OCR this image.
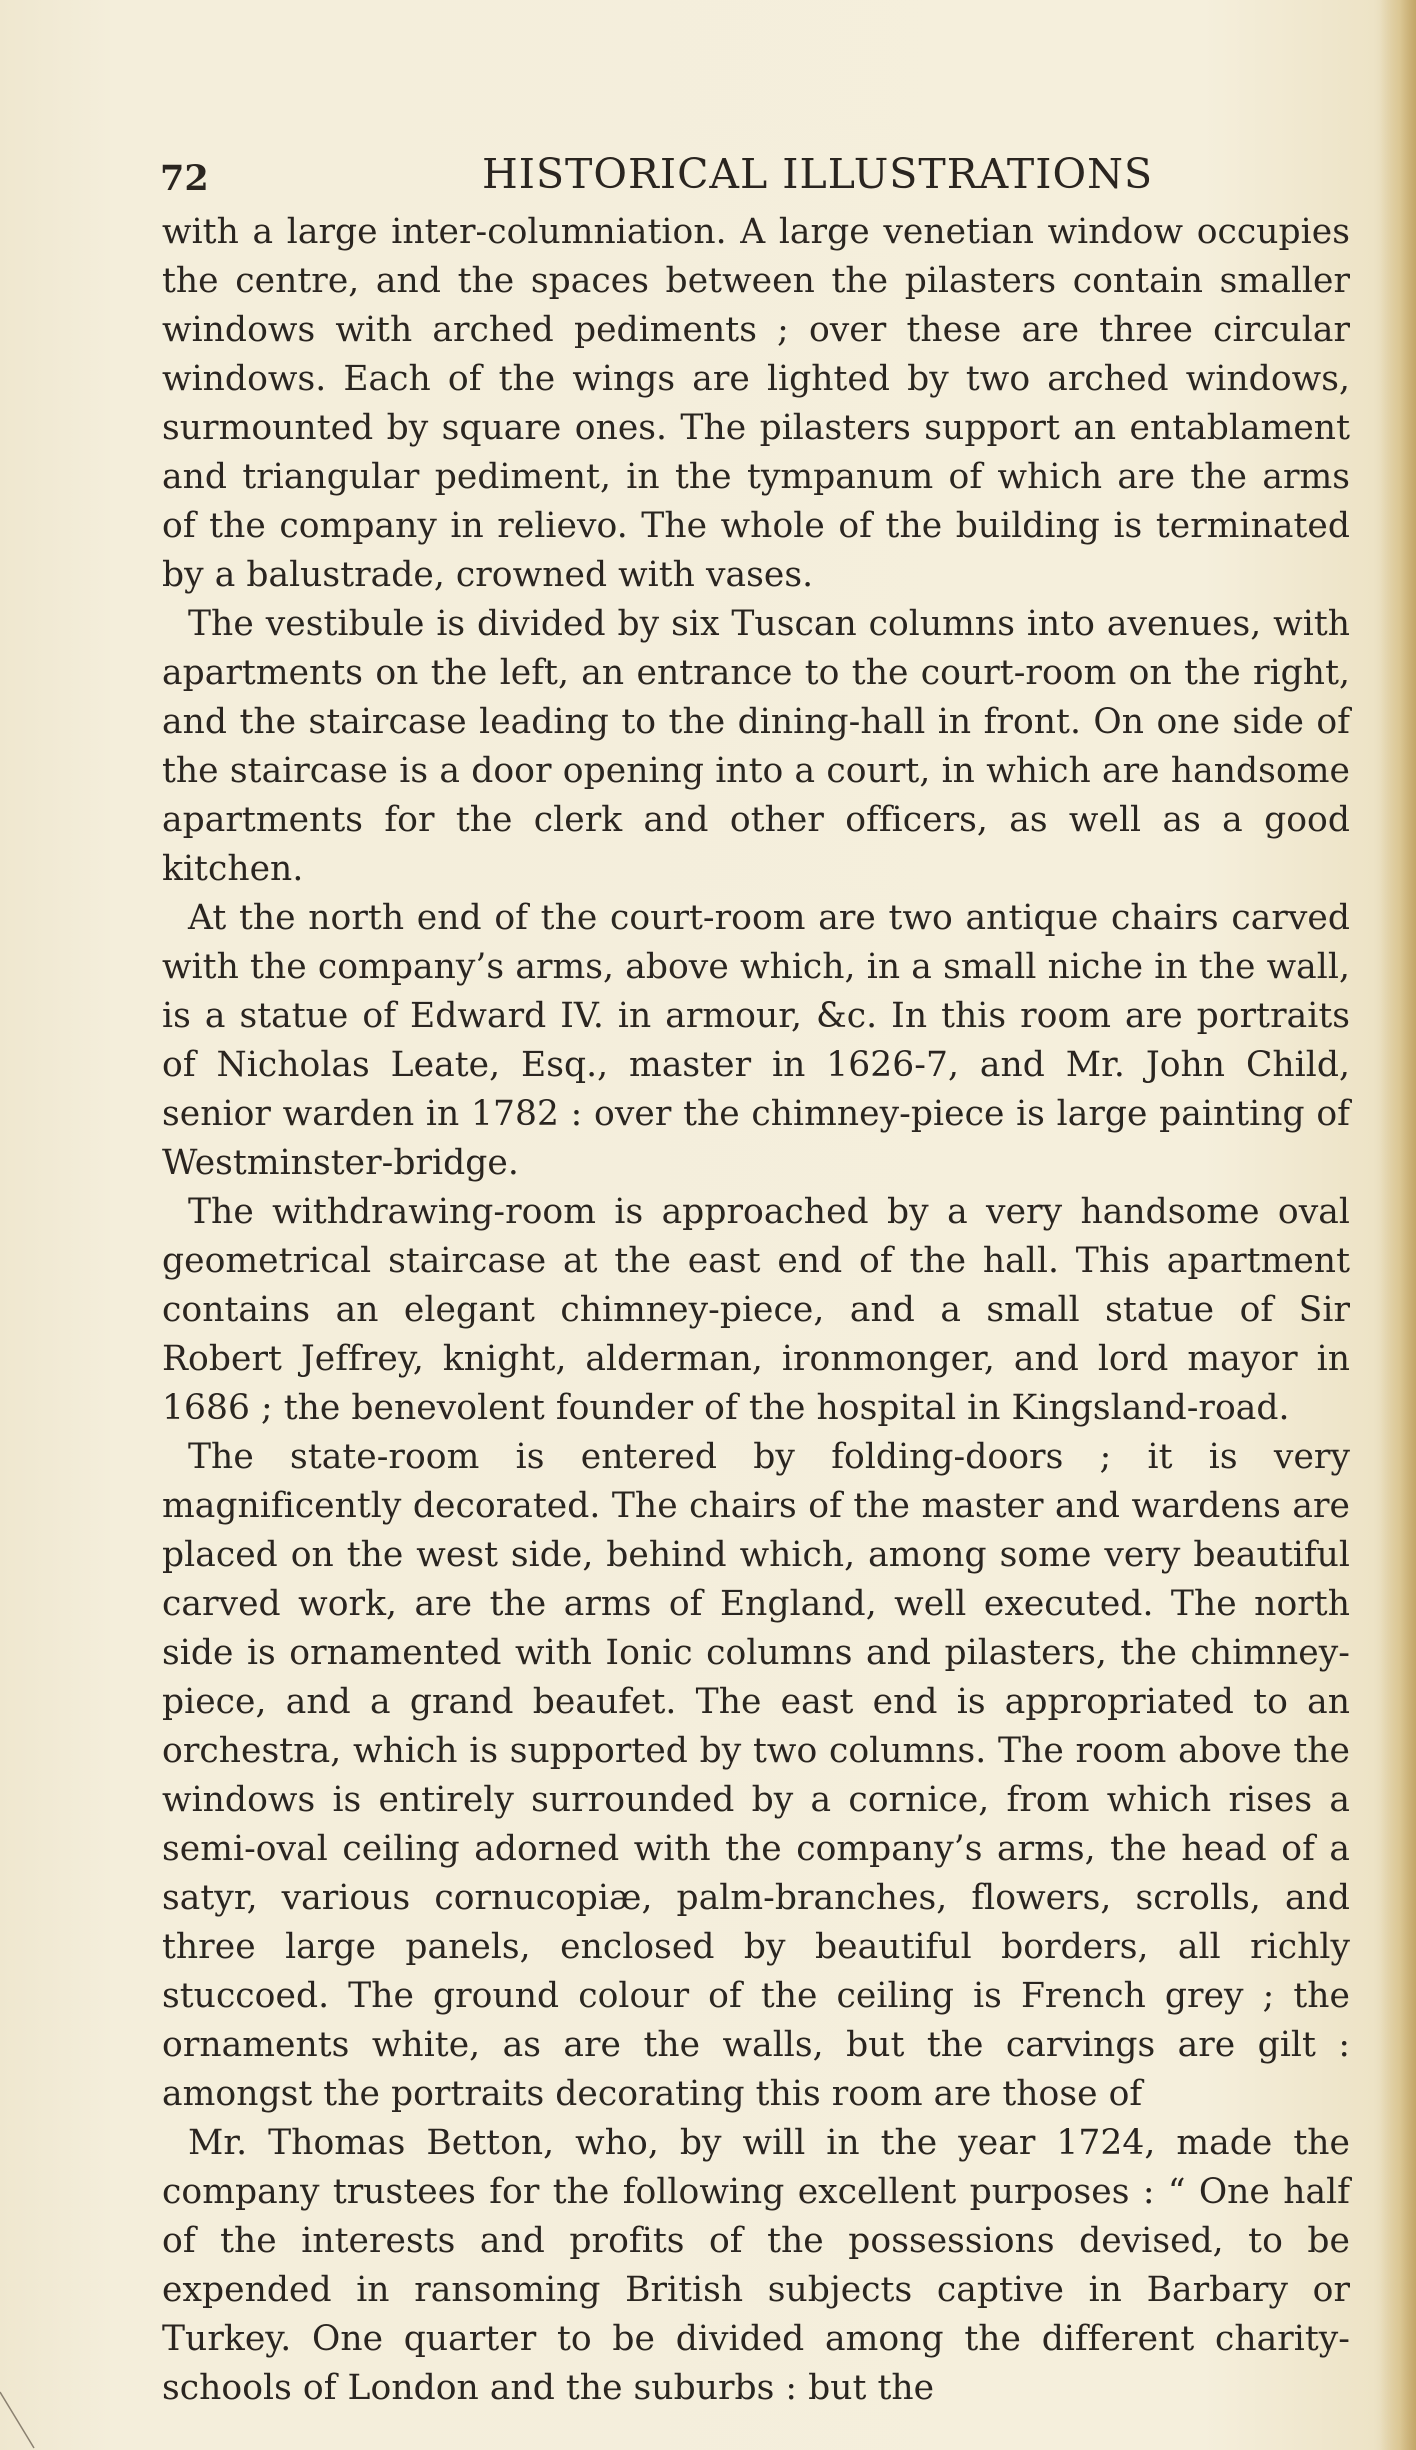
72	HISTORICAL ILLUSTRATIONS

with a large inter-columniation. A large venetian window occupies the centre, and the spaces between the pilasters contain smaller windows with arched pediments ; over these are three circular windows. Each of the wings are lighted by two arched windows, surmounted by square ones. The pilasters support an entablament and triangular pediment, in the tympanum of which are the arms of the company in relievo. The whole of the building is terminated by a balustrade, crowned with vases.

The vestibule is divided by six Tuscan columns into avenues, with apartments on the left, an entrance to the court-room on the right, and the staircase leading to the dining-hall in front. On one side of the staircase is a door opening into a court, in which are handsome apartments for the clerk and other officers, as well as a good kitchen.

At the north end of the court-room are two antique chairs carved with the company’s arms, above which, in a small niche in the wall, is a statue of Edward IV. in armour, &c. In this room are portraits of Nicholas Leate, Esq., master in 1626-7, and Mr. John Child, senior warden in 1782 : over the chimney-piece is large painting of Westminster-bridge.

The withdrawing-room is approached by a very handsome oval geometrical staircase at the east end of the hall. This apartment contains an elegant chimney-piece, and a small statue of Sir Robert Jeffrey, knight, alderman, ironmonger, and lord mayor in 1686 ; the benevolent founder of the hospital in Kingsland-road.

The state-room is entered by folding-doors ; it is very magnificently decorated. The chairs of the master and wardens are placed on the west side, behind which, among some very beautiful carved work, are the arms of England, well executed. The north side is ornamented with Ionic columns and pilasters, the chimney-piece, and a grand beaufet. The east end is appropriated to an orchestra, which is supported by two columns. The room above the windows is entirely surrounded by a cornice, from which rises a semi-oval ceiling adorned with the company’s arms, the head of a satyr, various cornucopiæ, palm-branches, flowers, scrolls, and three large panels, enclosed by beautiful borders, all richly stuccoed. The ground colour of the ceiling is French grey ; the ornaments white, as are the walls, but the carvings are gilt : amongst the portraits decorating this room are those of

Mr. Thomas Betton, who, by will in the year 1724, made the company trustees for the following excellent purposes : “ One half of the interests and profits of the possessions devised, to be expended in ransoming British subjects captive in Barbary or Turkey. One quarter to be divided among the different charity-schools of London and the suburbs : but the
